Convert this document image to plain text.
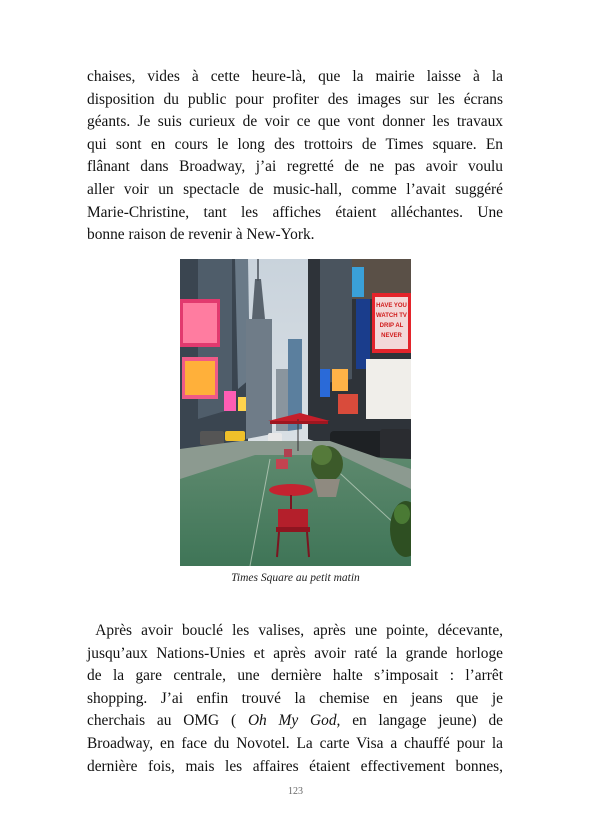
chaises, vides à cette heure-là, que la mairie laisse à la
disposition du public pour profiter des images sur les écrans
géants. Je suis curieux de voir ce que vont donner les travaux
qui sont en cours le long des trottoirs de Times square. En
flânant dans Broadway, j’ai regretté de ne pas avoir voulu
aller voir un spectacle de music-hall, comme l’avait suggéré
Marie-Christine, tant les affiches étaient alléchantes. Une
bonne raison de revenir à New-York.
HAVE YOU
WATCH TV
DRIP AL
NEVER
Times Square au petit matin
Après avoir bouclé les valises, après une pointe, décevante,
jusqu’aux Nations-Unies et après avoir raté la grande horloge
de la gare centrale, une dernière halte s’imposait : l’arrêt
shopping. J’ai enfin trouvé la chemise en jeans que je
cherchais au OMG ( Oh My God, en langage jeune) de
Broadway, en face du Novotel. La carte Visa a chauffé pour la
dernière fois, mais les affaires étaient effectivement bonnes,
123
